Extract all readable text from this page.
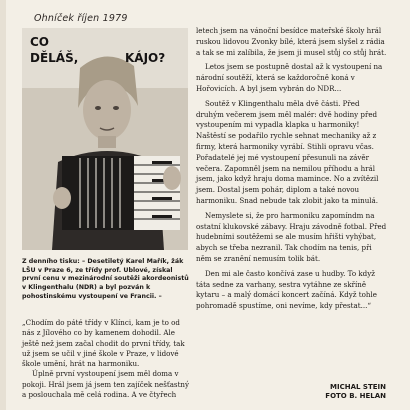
Ohníček říjen 1979
CO

DĚLÁŠ,	KÁJO?
Z denního tisku: – Desetiletý Karel Mařík, žák LŠU v Praze 6, ze třídy prof. Ublové, získal první cenu v mezinárodní soutěži akordeonistů v Klingenthalu (NDR) a byl pozván k pohostinskému vystoupení ve Francii. –

„Chodím do páté třídy v Klínci, kam je to od nás z Jílového co by kamenem dohodil. Ale ještě než jsem začal chodit do první třídy, tak už jsem se učil v jiné škole v Praze, v lidové škole umění, hrát na harmoniku.

Úplně první vystoupení jsem měl doma v pokoji. Hrál jsem já jsem ten zajíček nešťastný a poslouchala mě celá rodina. A ve čtyřech

letech jsem na vánoční besídce mateřské školy hrál ruskou lidovou Zvonky bílé, která jsem slyšel z rádia a tak se mi zalíbila, že jsem ji musel stůj co stůj hrát.

Letos jsem se postupně dostal až k vystoupení na národní soutěží, která se každoročně koná v Hořovicích. A byl jsem vybrán do NDR...

Soutěž v Klingenthalu měla dvě části. Před druhým večerem jsem měl malér: dvě hodiny před vystoupením mi vypadla klapka u harmoniky! Naštěstí se podařilo rychle sehnat mechaniky až z firmy, která harmoniky vyrábí. Stihli opravu včas. Pořadatelé jej mé vystoupení přesunuli na závěr večera. Zapomněl jsem na nemilou příhodu a hrál jsem, jako když hraju doma mamince. No a zvítězil jsem. Dostal jsem pohár, diplom a také novou harmoniku. Snad nebude tak zlobit jako ta minulá.

Nemyslete si, že pro harmoniku zapomíndm na ostatní klukovské zábavy. Hraju závodně fotbal. Před hudebními soutěžemi se ale musím hřišti vyhýbat, abych se třeba nezranil. Tak chodím na tenis, při něm se zranění nemusím tolik bát.

Den mi ale často končívá zase u hudby. To když táta sedne za varhany, sestra vytáhne ze skříně kytaru – a malý domácí koncert začíná. Když tohle pohromadě spustíme, oni nevíme, kdy přestat...“

MICHAL STEIN
FOTO B. HELAN
